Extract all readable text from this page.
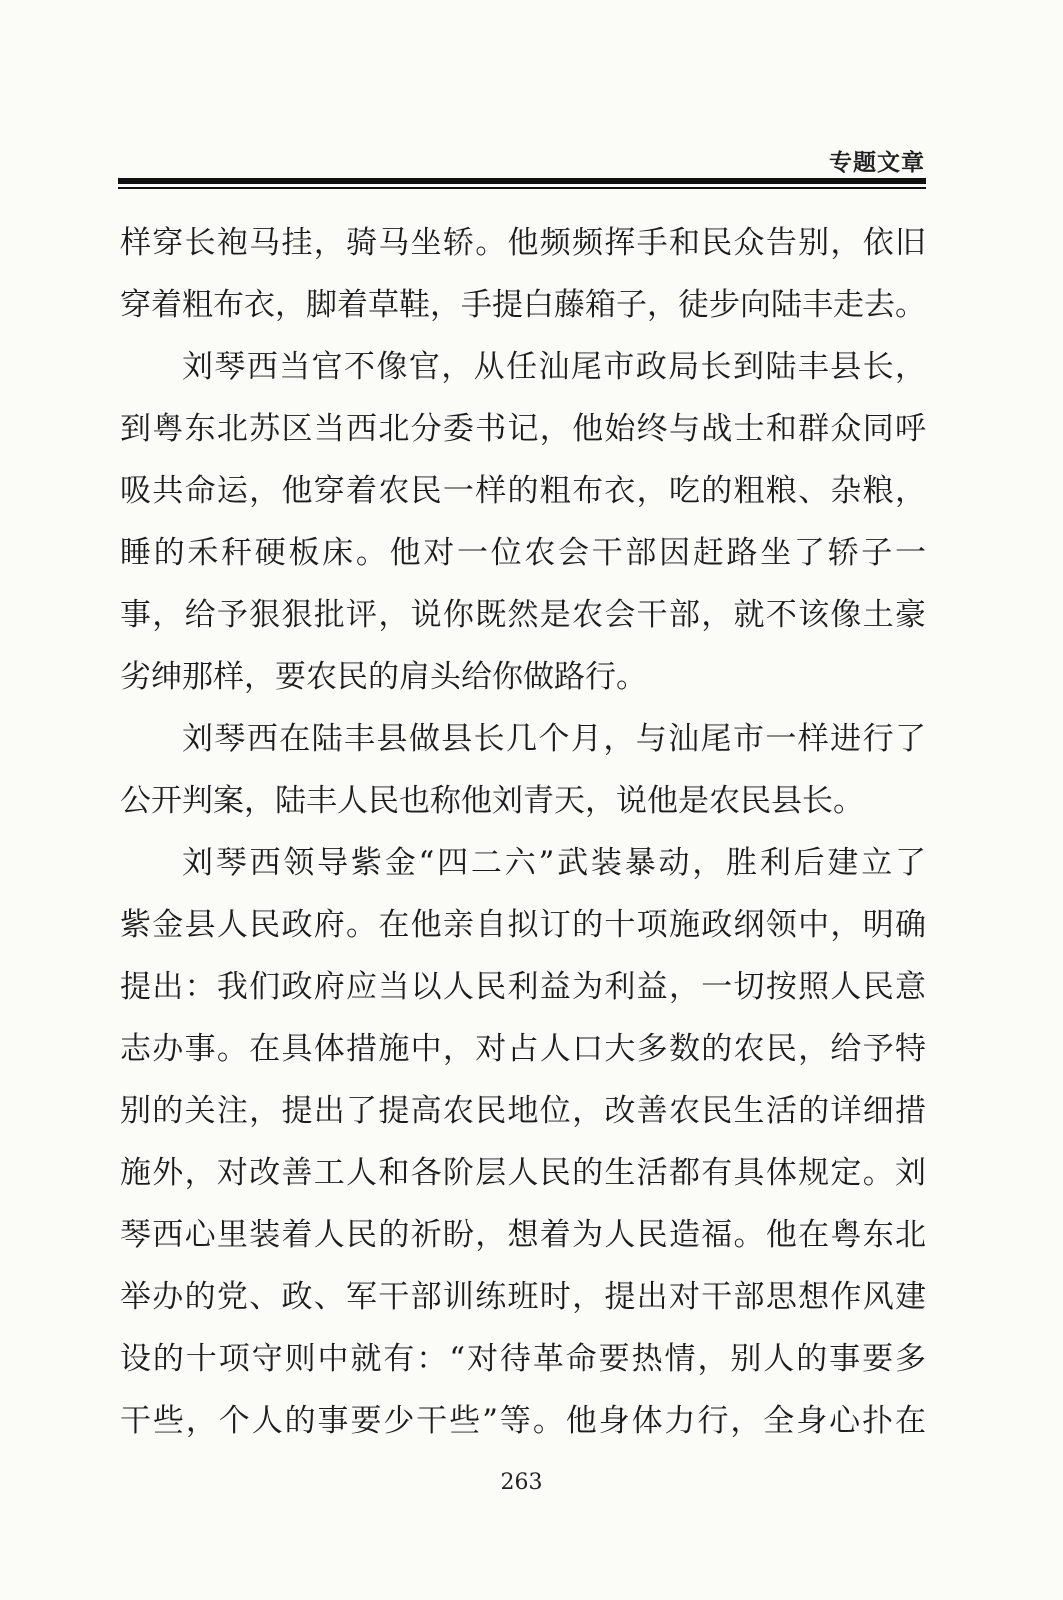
专题文章
样穿长袍马挂，骑马坐轿。他频频挥手和民众告别，依旧
穿着粗布衣，脚着草鞋，手提白藤箱子，徒步向陆丰走去。
刘琴西当官不像官，从任汕尾市政局长到陆丰县长，
到粤东北苏区当西北分委书记，他始终与战士和群众同呼
吸共命运，他穿着农民一样的粗布衣，吃的粗粮、杂粮，
睡的禾秆硬板床。他对一位农会干部因赶路坐了轿子一
事，给予狠狠批评，说你既然是农会干部，就不该像土豪
劣绅那样，要农民的肩头给你做路行。
刘琴西在陆丰县做县长几个月，与汕尾市一样进行了
公开判案，陆丰人民也称他刘青天，说他是农民县长。
刘琴西领导紫金“四二六”武装暴动，胜利后建立了
紫金县人民政府。在他亲自拟订的十项施政纲领中，明确
提出：我们政府应当以人民利益为利益，一切按照人民意
志办事。在具体措施中，对占人口大多数的农民，给予特
别的关注，提出了提高农民地位，改善农民生活的详细措
施外，对改善工人和各阶层人民的生活都有具体规定。刘
琴西心里装着人民的祈盼，想着为人民造福。他在粤东北
举办的党、政、军干部训练班时，提出对干部思想作风建
设的十项守则中就有：“对待革命要热情，别人的事要多
干些，个人的事要少干些”等。他身体力行，全身心扑在
263
